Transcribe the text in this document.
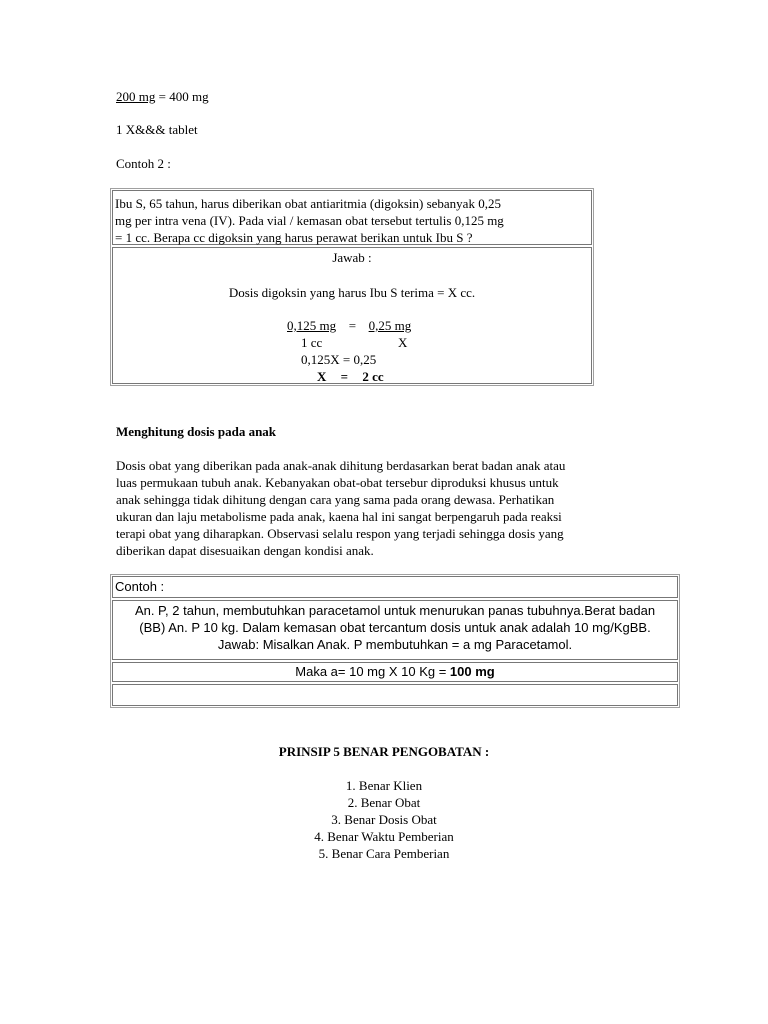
200 mg = 400 mg
1 X&&& tablet
Contoh 2 :
Ibu S, 65 tahun, harus diberikan obat antiaritmia (digoksin) sebanyak 0,25
mg per intra vena (IV). Pada vial / kemasan obat tersebut tertulis 0,125 mg
= 1 cc. Berapa cc digoksin yang harus perawat berikan untuk Ibu S ?
Jawab :
Dosis digoksin yang harus Ibu S terima = X cc.
0,125 mg = 0,25 mg
1 cc	X
0,125X = 0,25
X = 2 cc
Menghitung dosis pada anak
Dosis obat yang diberikan pada anak-anak dihitung berdasarkan berat badan anak atau
luas permukaan tubuh anak. Kebanyakan obat-obat tersebur diproduksi khusus untuk
anak sehingga tidak dihitung dengan cara yang sama pada orang dewasa. Perhatikan
ukuran dan laju metabolisme pada anak, kaena hal ini sangat berpengaruh pada reaksi
terapi obat yang diharapkan. Observasi selalu respon yang terjadi sehingga dosis yang
diberikan dapat disesuaikan dengan kondisi anak.
Contoh :
An. P, 2 tahun, membutuhkan paracetamol untuk menurukan panas tubuhnya.Berat badan
(BB) An. P 10 kg. Dalam kemasan obat tercantum dosis untuk anak adalah 10 mg/KgBB.
Jawab: Misalkan Anak. P membutuhkan = a mg Paracetamol.
Maka a= 10 mg X 10 Kg = 100 mg
PRINSIP 5 BENAR PENGOBATAN :
1. Benar Klien
2. Benar Obat
3. Benar Dosis Obat
4. Benar Waktu Pemberian
5. Benar Cara Pemberian
